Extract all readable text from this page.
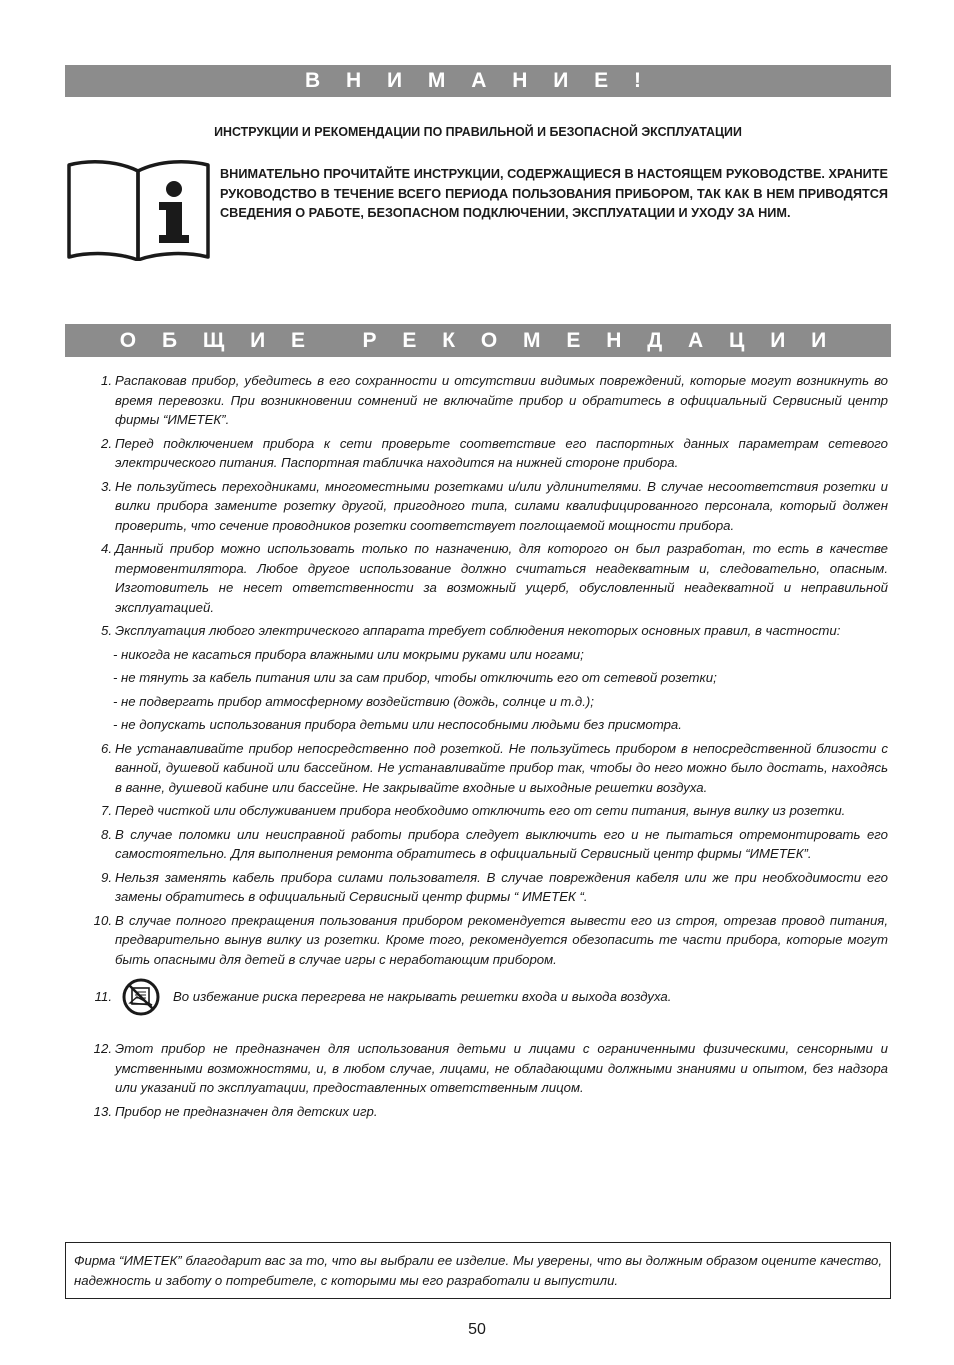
В Н И М А Н И Е !
ИНСТРУКЦИИ И РЕКОМЕНДАЦИИ ПО ПРАВИЛЬНОЙ И БЕЗОПАСНОЙ ЭКСПЛУАТАЦИИ
ВНИМАТЕЛЬНО ПРОЧИТАЙТЕ ИНСТРУКЦИИ, СОДЕРЖАЩИЕСЯ В НАСТОЯЩЕМ РУКОВОДСТВЕ. ХРАНИТЕ РУКОВОДСТВО В ТЕЧЕНИЕ ВСЕГО ПЕРИОДА ПОЛЬЗОВАНИЯ ПРИБОРОМ, ТАК КАК В НЕМ ПРИВОДЯТСЯ СВЕДЕНИЯ О РАБОТЕ, БЕЗОПАСНОМ ПОДКЛЮЧЕНИИ, ЭКСПЛУАТАЦИИ И УХОДУ ЗА НИМ.
О Б Щ И Е   Р Е К О М Е Н Д А Ц И И
1. Распаковав прибор, убедитесь в его сохранности и отсутствии видимых повреждений, которые могут возникнуть во время перевозки. При возникновении сомнений не включайте прибор и обратитесь в официальный Сервисный центр фирмы “ИМЕТЕК”.
2. Перед подключением прибора к сети проверьте соответствие его паспортных данных параметрам сетевого электрического питания. Паспортная табличка находится на нижней стороне прибора.
3. Не пользуйтесь переходниками, многоместными розетками и/или удлинителями. В случае несоответствия розетки и вилки прибора замените розетку другой, пригодного типа, силами квалифицированного персонала, который должен проверить, что сечение проводников розетки соответствует поглощаемой мощности прибора.
4. Данный прибор можно использовать только по назначению, для которого он был разработан, то есть в качестве термовентилятора. Любое другое использование должно считаться неадекватным и, следовательно, опасным. Изготовитель не несет ответственности за возможный ущерб, обусловленный неадекватной и неправильной эксплуатацией.
5. Эксплуатация любого электрического аппарата требует соблюдения некоторых основных правил, в частности:
- никогда не касаться прибора влажными или мокрыми руками или ногами;
- не тянуть за кабель питания или за сам прибор, чтобы отключить его от сетевой розетки;
- не подвергать прибор атмосферному воздействию (дождь, солнце и т.д.);
- не допускать использования прибора детьми или неспособными людьми без присмотра.
6. Не устанавливайте прибор непосредственно под розеткой. Не пользуйтесь прибором в непосредственной близости с ванной, душевой кабиной или бассейном. Не устанавливайте прибор так, чтобы до него можно было достать, находясь в ванне, душевой кабине или бассейне. Не закрывайте входные и выходные решетки воздуха.
7. Перед чисткой или обслуживанием прибора необходимо отключить его от сети питания, вынув вилку из розетки.
8. В случае поломки или неисправной работы прибора следует выключить его и не пытаться отремонтировать его самостоятельно. Для выполнения ремонта обратитесь в официальный Сервисный центр фирмы “ИМЕТЕК”.
9. Нельзя заменять кабель прибора силами пользователя. В случае повреждения кабеля или же при необходимости его замены обратитесь в официальный Сервисный центр фирмы “ ИМЕТЕК “.
10. В случае полного прекращения пользования прибором рекомендуется вывести его из строя, отрезав провод питания, предварительно вынув вилку из розетки. Кроме того, рекомендуется обезопасить те части прибора, которые могут быть опасными для детей в случае игры с неработающим прибором.
11.	Во избежание риска перегрева не накрывать решетки входа и выхода воздуха.
12. Этот прибор не предназначен для использования детьми и лицами с ограниченными физическими, сенсорными и умственными возможностями, и, в любом случае, лицами, не обладающими должными знаниями и опытом, без надзора или указаний по эксплуатации, предоставленных ответственным лицом.
13. Прибор не предназначен для детских игр.
Фирма “ИМЕТЕК” благодарит вас за то, что вы выбрали ее изделие. Мы уверены, что вы должным образом оцените качество, надежность и заботу о потребителе, с которыми мы его разработали и выпустили.
50
